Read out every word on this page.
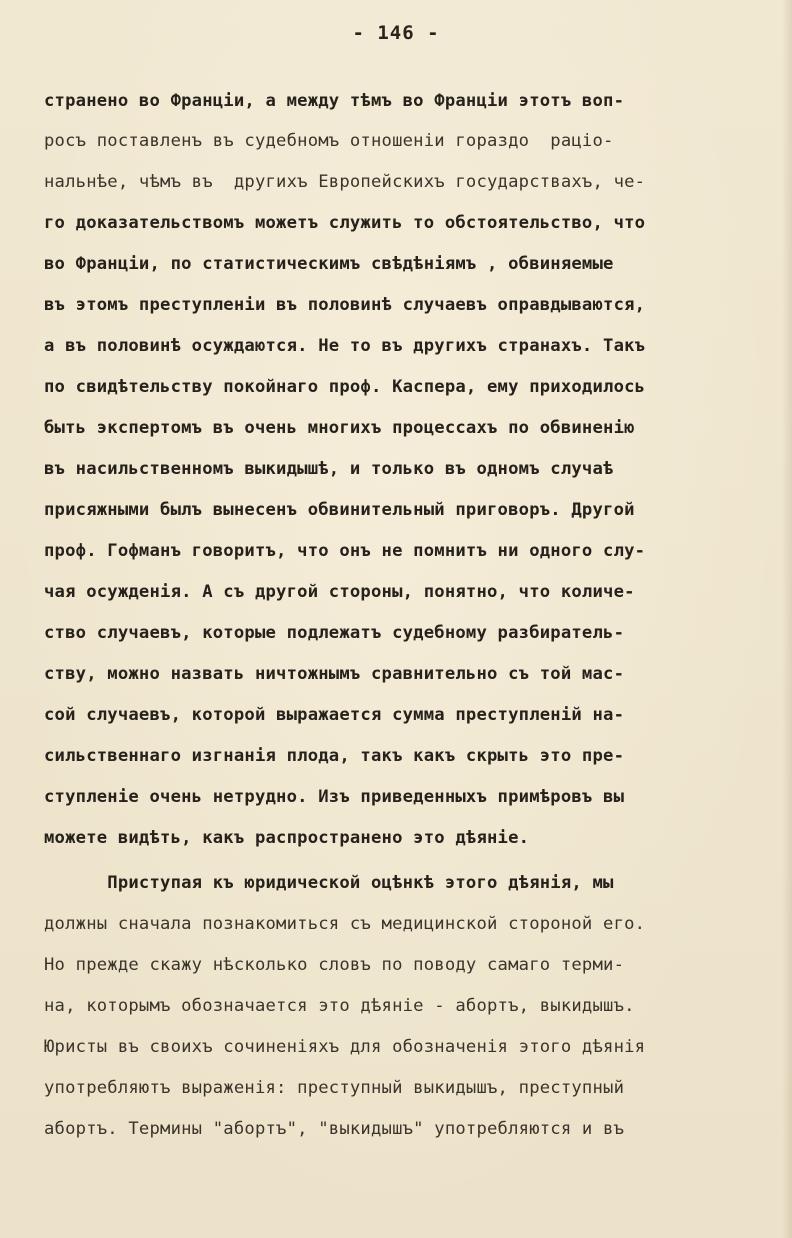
- 146 -
странено во Франціи, а между тѣмъ во Франціи этотъ воп-
росъ поставленъ въ судебномъ отношеніи гораздо  раціо-
нальнѣе, чѣмъ въ  другихъ Европейскихъ государствахъ, че-
го доказательствомъ можетъ служить то обстоятельство, что
во Франціи, по статистическимъ свѣдѣніямъ , обвиняемые
въ этомъ преступленіи въ половинѣ случаевъ оправдываются,
а въ половинѣ осуждаются. Не то въ другихъ странахъ. Такъ
по свидѣтельству покойнаго проф. Каспера, ему приходилось
быть экспертомъ въ очень многихъ процессахъ по обвиненію
въ насильственномъ выкидышѣ, и только въ одномъ случаѣ
присяжными былъ вынесенъ обвинительный приговоръ. Другой
проф. Гофманъ говоритъ, что онъ не помнитъ ни одного слу-
чая осужденія. А съ другой стороны, понятно, что количе-
ство случаевъ, которые подлежатъ судебному разбиратель-
ству, можно назвать ничтожнымъ сравнительно съ той мас-
сой случаевъ, которой выражается сумма преступленій на-
сильственнаго изгнанія плода, такъ какъ скрыть это пре-
ступленіе очень нетрудно. Изъ приведенныхъ примѣровъ вы
можете видѣть, какъ распространено это дѣяніе.
Приступая къ юридической оцѣнкѣ этого дѣянія, мы
должны сначала познакомиться съ медицинской стороной его.
Но прежде скажу нѣсколько словъ по поводу самаго терми-
на, которымъ обозначается это дѣяніе - абортъ, выкидышъ.
Юристы въ своихъ сочиненіяхъ для обозначенія этого дѣянія
употребляютъ выраженія: преступный выкидышъ, преступный
абортъ. Термины "абортъ", "выкидышъ" употребляются и въ
